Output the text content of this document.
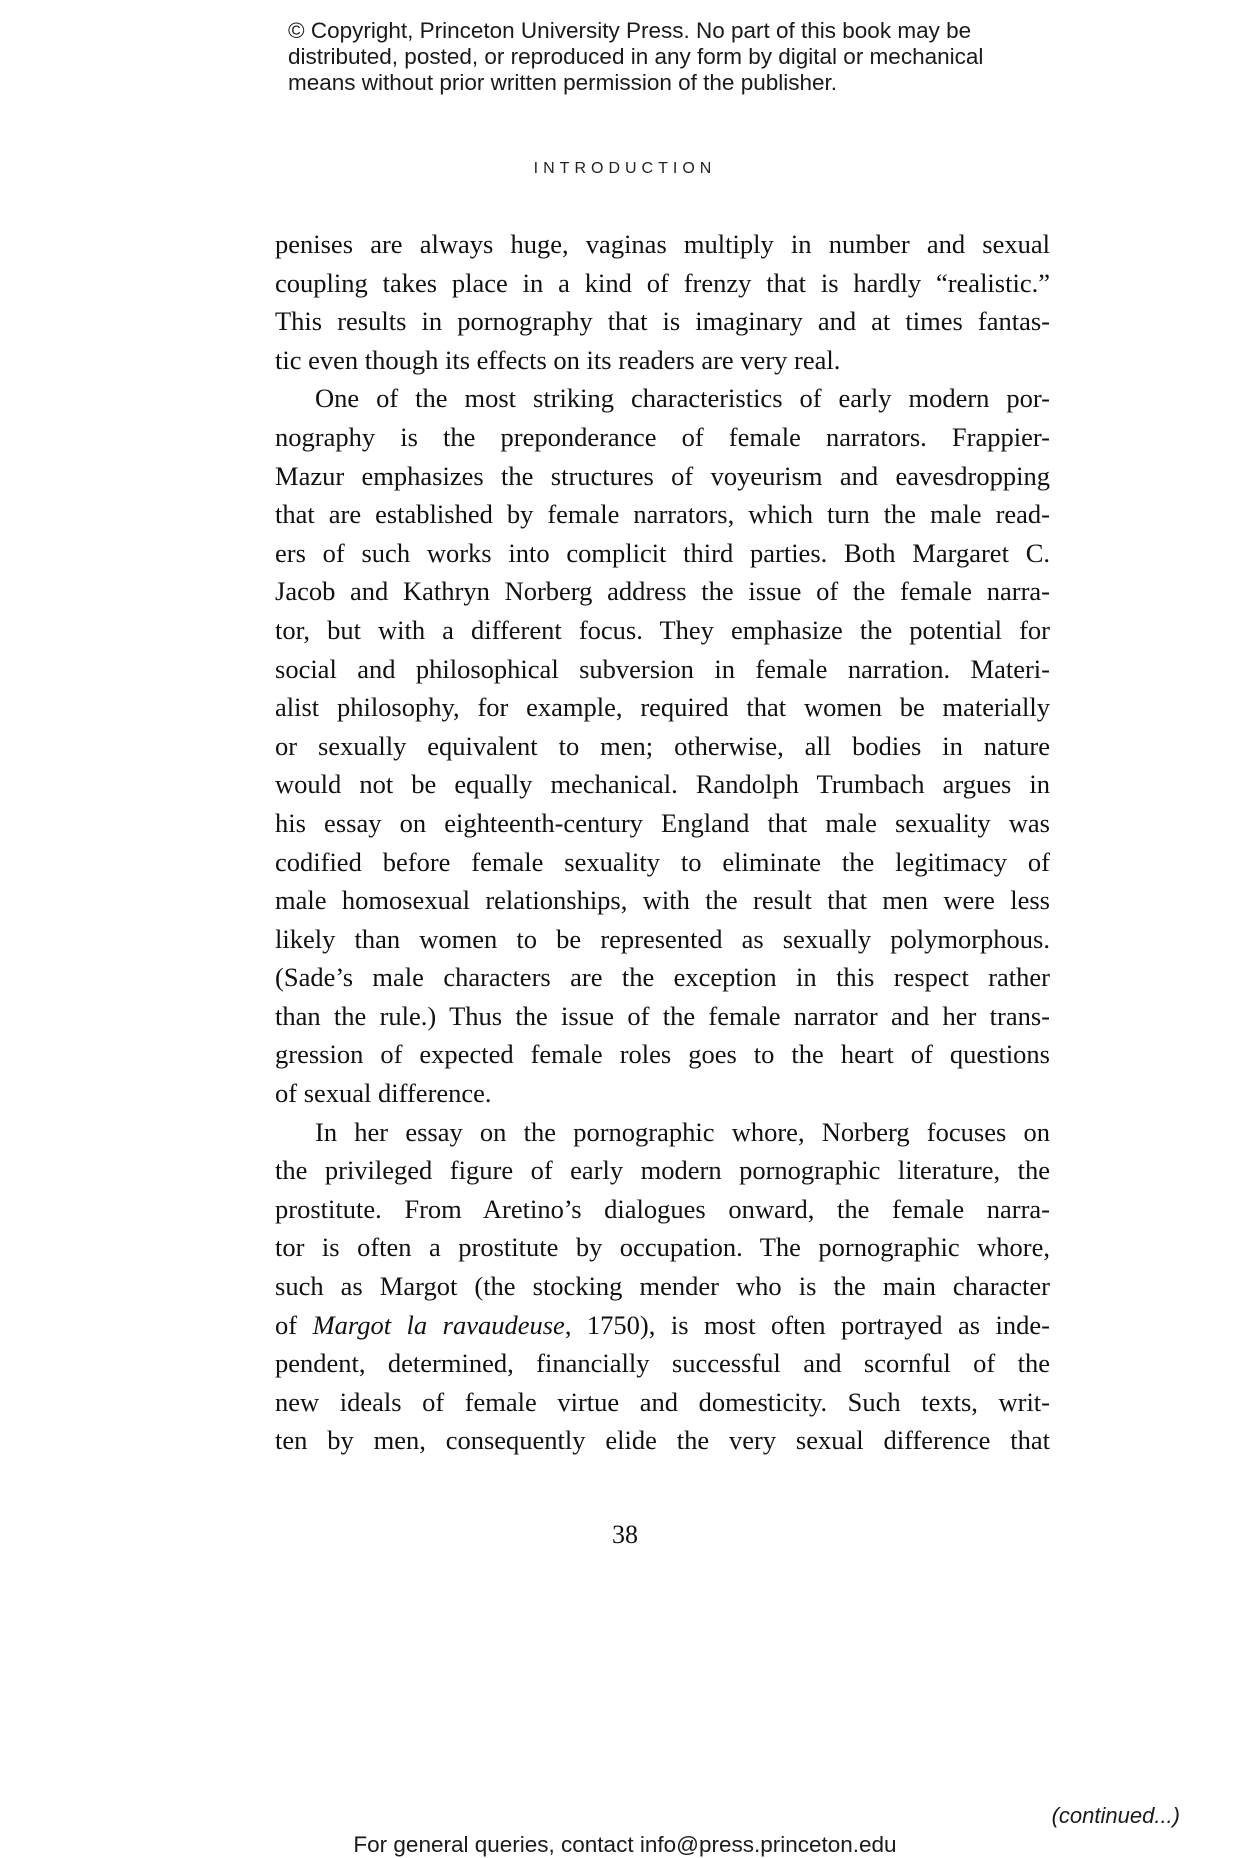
© Copyright, Princeton University Press. No part of this book may be
distributed, posted, or reproduced in any form by digital or mechanical
means without prior written permission of the publisher.
INTRODUCTION
penises are always huge, vaginas multiply in number and sexual
coupling takes place in a kind of frenzy that is hardly “realistic.”
This results in pornography that is imaginary and at times fantas-
tic even though its effects on its readers are very real.
One of the most striking characteristics of early modern por-
nography is the preponderance of female narrators. Frappier-
Mazur emphasizes the structures of voyeurism and eavesdropping
that are established by female narrators, which turn the male read-
ers of such works into complicit third parties. Both Margaret C.
Jacob and Kathryn Norberg address the issue of the female narra-
tor, but with a different focus. They emphasize the potential for
social and philosophical subversion in female narration. Materi-
alist philosophy, for example, required that women be materially
or sexually equivalent to men; otherwise, all bodies in nature
would not be equally mechanical. Randolph Trumbach argues in
his essay on eighteenth-century England that male sexuality was
codified before female sexuality to eliminate the legitimacy of
male homosexual relationships, with the result that men were less
likely than women to be represented as sexually polymorphous.
(Sade’s male characters are the exception in this respect rather
than the rule.) Thus the issue of the female narrator and her trans-
gression of expected female roles goes to the heart of questions
of sexual difference.
In her essay on the pornographic whore, Norberg focuses on
the privileged figure of early modern pornographic literature, the
prostitute. From Aretino’s dialogues onward, the female narra-
tor is often a prostitute by occupation. The pornographic whore,
such as Margot (the stocking mender who is the main character
of Margot la ravaudeuse, 1750), is most often portrayed as inde-
pendent, determined, financially successful and scornful of the
new ideals of female virtue and domesticity. Such texts, writ-
ten by men, consequently elide the very sexual difference that
38
(continued...)
For general queries, contact info@press.princeton.edu
